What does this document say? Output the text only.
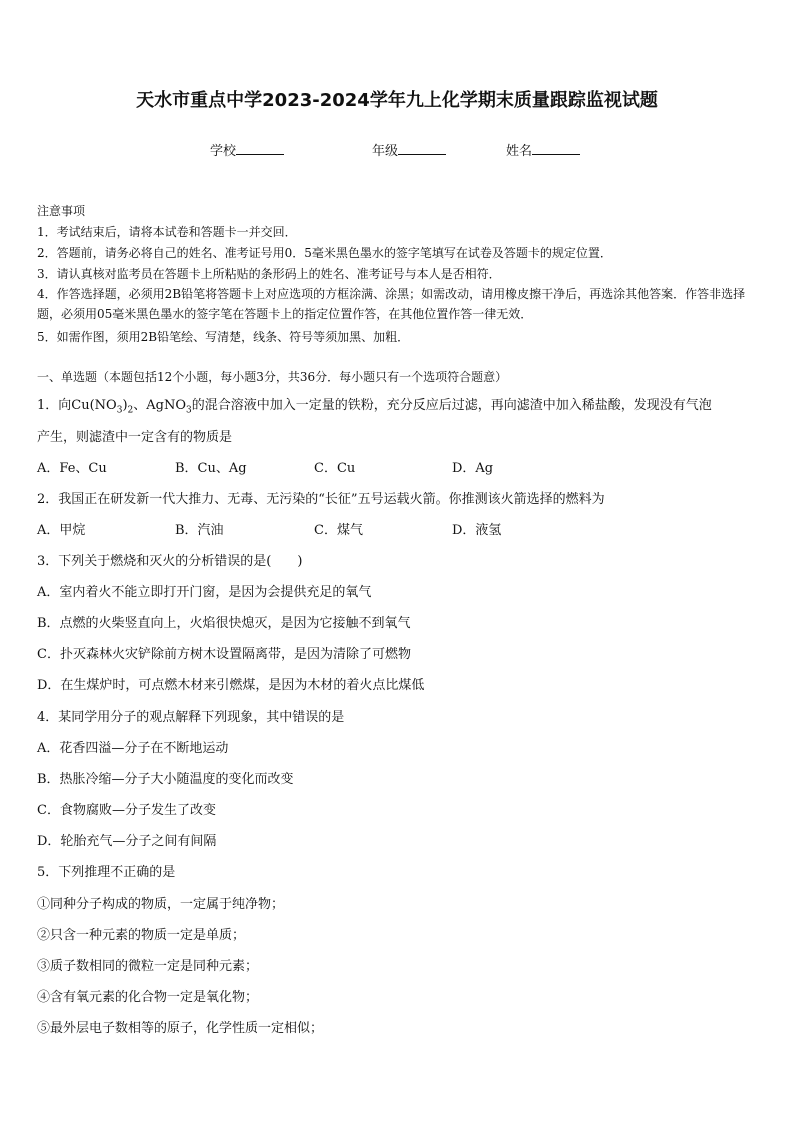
天水市重点中学2023-2024学年九上化学期末质量跟踪监视试题
学校	年级	姓名
注意事项
1．考试结束后，请将本试卷和答题卡一并交回．
2．答题前，请务必将自己的姓名、准考证号用0．5毫米黑色墨水的签字笔填写在试卷及答题卡的规定位置．
3．请认真核对监考员在答题卡上所粘贴的条形码上的姓名、准考证号与本人是否相符．
4．作答选择题，必须用2B铅笔将答题卡上对应选项的方框涂满、涂黑；如需改动，请用橡皮擦干净后，再选涂其他答案．作答非选择题，必须用05毫米黑色墨水的签字笔在答题卡上的指定位置作答，在其他位置作答一律无效．
5．如需作图，须用2B铅笔绘、写清楚，线条、符号等须加黑、加粗．
一、单选题（本题包括12个小题，每小题3分，共36分．每小题只有一个选项符合题意）
1．向$Cu(NO_3)_2$、AgNO$_3$的混合溶液中加入一定量的铁粉，充分反应后过滤，再向滤渣中加入稀盐酸，发现没有气泡
产生，则滤渣中一定含有的物质是
A．Fe、Cu	B．Cu、Ag	C．Cu	D．Ag
2．我国正在研发新一代大推力、无毒、无污染的“长征”五号运载火箭。你推测该火箭选择的燃料为
A．甲烷	B．汽油	C．煤气	D．液氢
3．下列关于燃烧和灭火的分析错误的是(　　)
A．室内着火不能立即打开门窗，是因为会提供充足的氧气
B．点燃的火柴竖直向上，火焰很快熄灭，是因为它接触不到氧气
C．扑灭森林火灾铲除前方树木设置隔离带，是因为清除了可燃物
D．在生煤炉时，可点燃木材来引燃煤，是因为木材的着火点比煤低
4．某同学用分子的观点解释下列现象，其中错误的是
A．花香四溢—分子在不断地运动
B．热胀冷缩—分子大小随温度的变化而改变
C．食物腐败—分子发生了改变
D．轮胎充气—分子之间有间隔
5．下列推理不正确的是
①同种分子构成的物质，一定属于纯净物；
②只含一种元素的物质一定是单质；
③质子数相同的微粒一定是同种元素；
④含有氧元素的化合物一定是氧化物；
⑤最外层电子数相等的原子，化学性质一定相似；
